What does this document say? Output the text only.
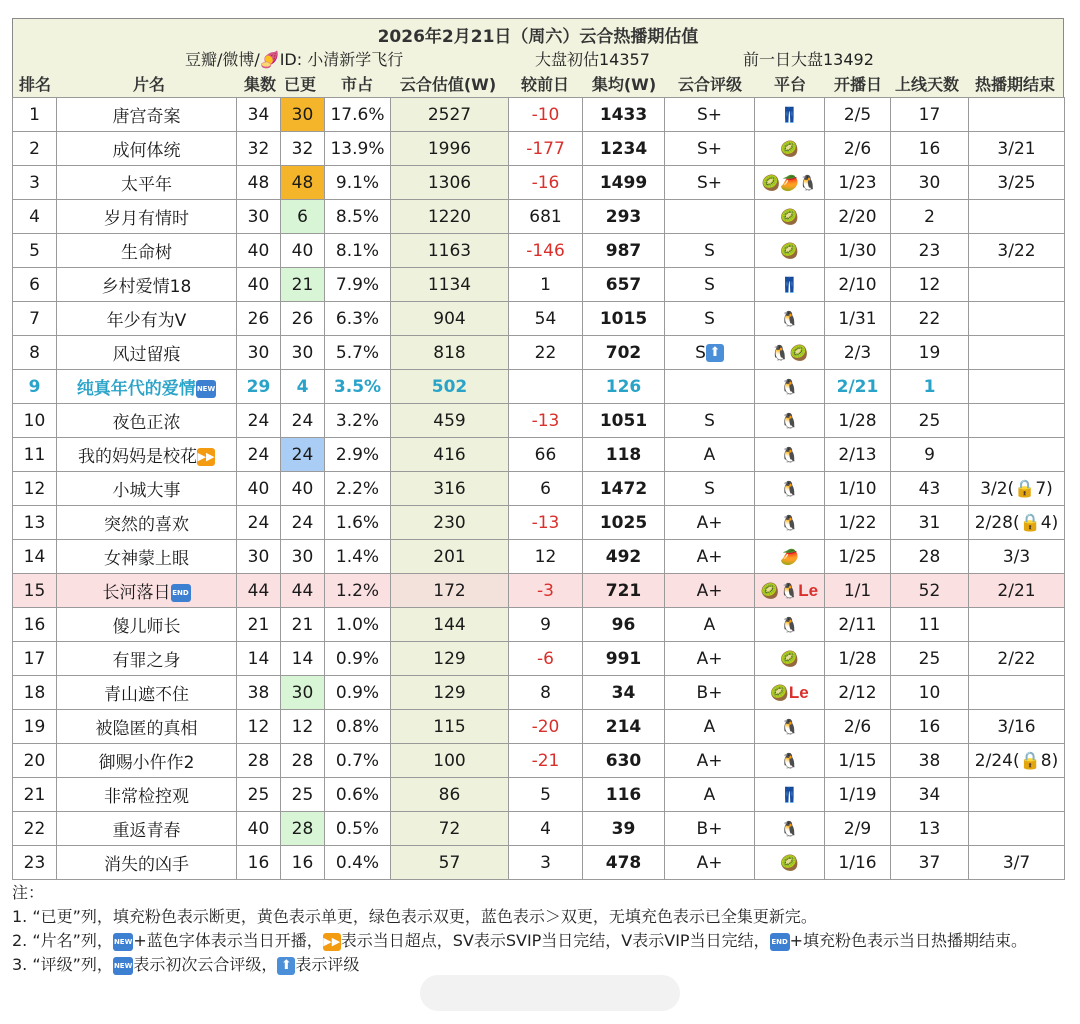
2026年2月21日（周六）云合热播期估值
豆瓣/微博/🍠ID: 小清新学飞行	大盘初估14357	前一日大盘13492
排名	片名	集数 已更	市占	云合估值(W)	较前日	集均(W)	云合评级	平台	开播日 上线天数 热播期结束
1	唐宫奇案	34	30	17.6%	2527	-10	1433	S+	👖	2/5	17	
2	成何体统	32	32	13.9%	1996	-177	1234	S+	🥝	2/6	16	3/21
3	太平年	48	48	9.1%	1306	-16	1499	S+	🥝🥭🐧	1/23	30	3/25
4	岁月有情时	30	6	8.5%	1220	681	293		🥝	2/20	2	
5	生命树	40	40	8.1%	1163	-146	987	S	🥝	1/30	23	3/22
6	乡村爱情18	40	21	7.9%	1134	1	657	S	👖	2/10	12	
7	年少有为V	26	26	6.3%	904	54	1015	S	🐧	1/31	22	
8	风过留痕	30	30	5.7%	818	22	702	S ⬆	🐧🥝	2/3	19	
9	纯真年代的爱情NEW	29	4	3.5%	502		126		🐧	2/21	1	
10	夜色正浓	24	24	3.2%	459	-13	1051	S	🐧	1/28	25	
11	我的妈妈是校花▶▶	24	24	2.9%	416	66	118	A	🐧	2/13	9	
12	小城大事	40	40	2.2%	316	6	1472	S	🐧	1/10	43	3/2(🔒7)
13	突然的喜欢	24	24	1.6%	230	-13	1025	A+	🐧	1/22	31	2/28(🔒4)
14	女神蒙上眼	30	30	1.4%	201	12	492	A+	🥭	1/25	28	3/3
15	长河落日 END	44	44	1.2%	172	-3	721	A+	🥝🐧Le	1/1	52	2/21
16	傻儿师长	21	21	1.0%	144	9	96	A	🐧	2/11	11	
17	有罪之身	14	14	0.9%	129	-6	991	A+	🥝	1/28	25	2/22
18	青山遮不住	38	30	0.9%	129	8	34	B+	🥝Le	2/12	10	
19	被隐匿的真相	12	12	0.8%	115	-20	214	A	🐧	2/6	16	3/16
20	御赐小仵作2	28	28	0.7%	100	-21	630	A+	🐧	1/15	38	2/24(🔒8)
21	非常检控观	25	25	0.6%	86	5	116	A	👖	1/19	34	
22	重返青春	40	28	0.5%	72	4	39	B+	🐧	2/9	13	
23	消失的凶手	16	16	0.4%	57	3	478	A+	🥝	1/16	37	3/7
注：
1. “已更”列，填充粉色表示断更，黄色表示单更，绿色表示双更，蓝色表示＞双更，无填充色表示已全集更新完。
2. “片名”列，NEW+蓝色字体表示当日开播，▶▶表示当日超点，SV表示SVIP当日完结，V表示VIP当日完结， END +填充粉色表示当日热播期结束。
3. “评级”列，NEW表示初次云合评级， ⬆ 表示评级
